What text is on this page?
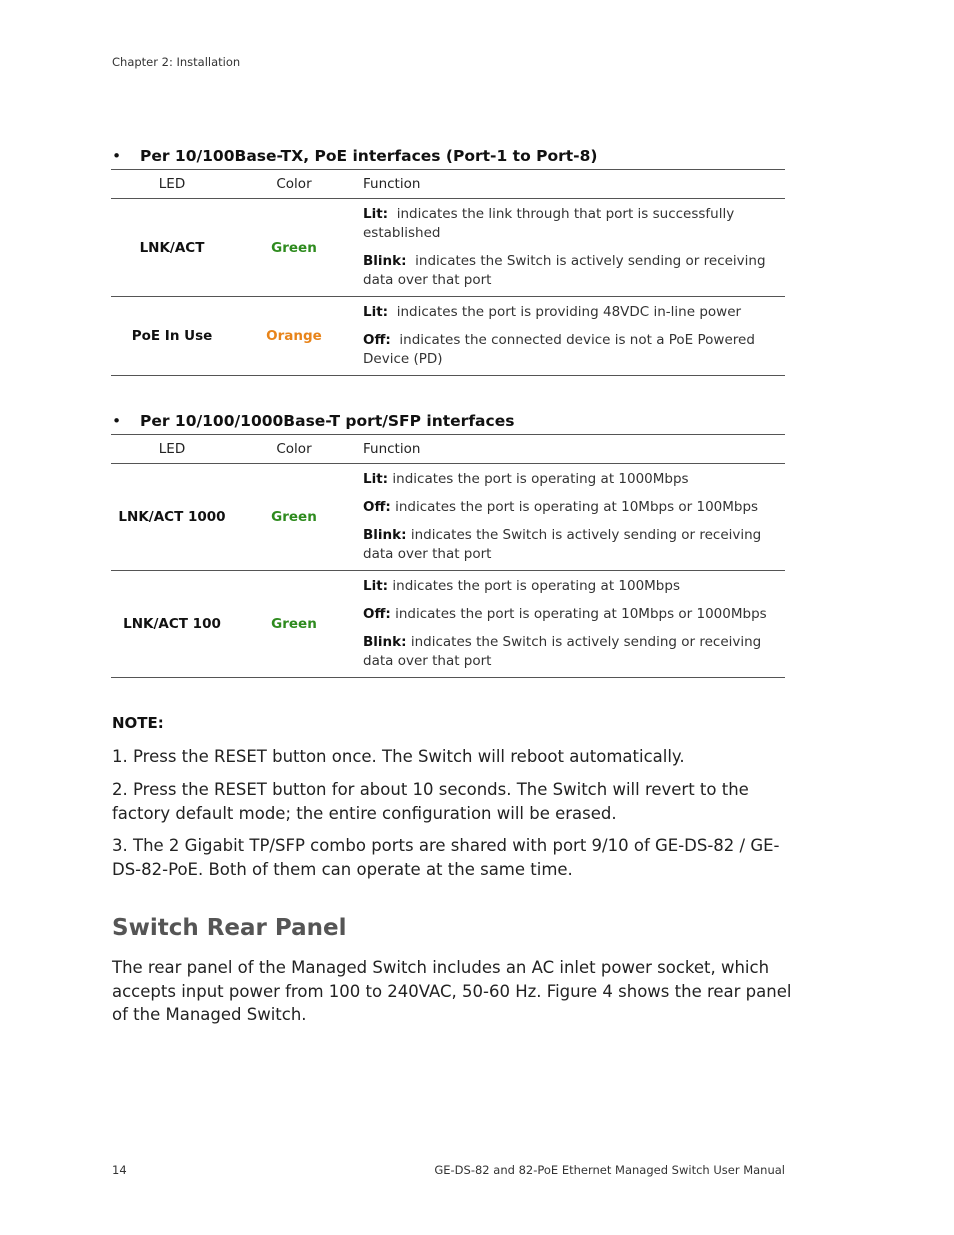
Chapter 2: Installation
• Per 10/100Base-TX, PoE interfaces (Port-1 to Port-8)
LED	Color	Function
LNK/ACT	Green	Lit: indicates the link through that port is successfully established
Blink: indicates the Switch is actively sending or receiving data over that port

PoE In Use	Orange	Lit: indicates the port is providing 48VDC in-line power
Off: indicates the connected device is not a PoE Powered Device (PD)
• Per 10/100/1000Base-T port/SFP interfaces
LED	Color	Function
LNK/ACT 1000	Green	Lit: indicates the port is operating at 1000Mbps
Off: indicates the port is operating at 10Mbps or 100Mbps
Blink: indicates the Switch is actively sending or receiving data over that port

LNK/ACT 100	Green	Lit: indicates the port is operating at 100Mbps
Off: indicates the port is operating at 10Mbps or 1000Mbps
Blink: indicates the Switch is actively sending or receiving data over that port
NOTE:
1. Press the RESET button once. The Switch will reboot automatically.
2. Press the RESET button for about 10 seconds. The Switch will revert to the factory default mode; the entire configuration will be erased.
3. The 2 Gigabit TP/SFP combo ports are shared with port 9/10 of GE-DS-82 / GE-DS-82-PoE. Both of them can operate at the same time.
Switch Rear Panel
The rear panel of the Managed Switch includes an AC inlet power socket, which accepts input power from 100 to 240VAC, 50-60 Hz. Figure 4 shows the rear panel of the Managed Switch.
14	GE-DS-82 and 82-PoE Ethernet Managed Switch User Manual
